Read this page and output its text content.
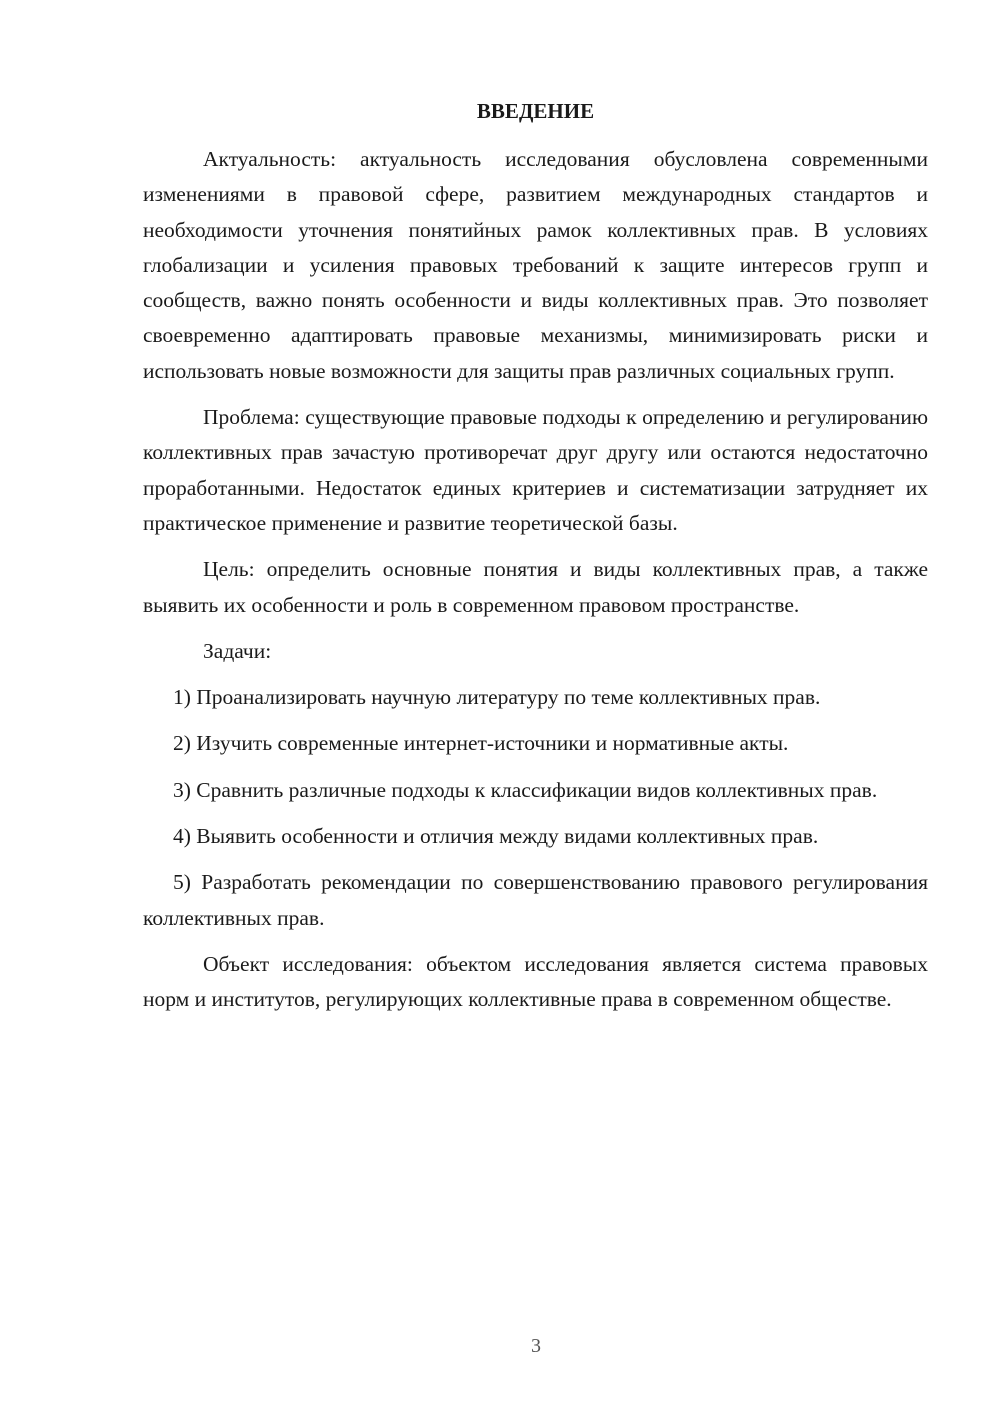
ВВЕДЕНИЕ

Актуальность: актуальность исследования обусловлена современными изменениями в правовой сфере, развитием международных стандартов и необходимости уточнения понятийных рамок коллективных прав. В условиях глобализации и усиления правовых требований к защите интересов групп и сообществ, важно понять особенности и виды коллективных прав. Это позволяет своевременно адаптировать правовые механизмы, минимизировать риски и использовать новые возможности для защиты прав различных социальных групп.

Проблема: существующие правовые подходы к определению и регулированию коллективных прав зачастую противоречат друг другу или остаются недостаточно проработанными. Недостаток единых критериев и систематизации затрудняет их практическое применение и развитие теоретической базы.

Цель: определить основные понятия и виды коллективных прав, а также выявить их особенности и роль в современном правовом пространстве.

Задачи:

1) Проанализировать научную литературу по теме коллективных прав.

2) Изучить современные интернет-источники и нормативные акты.

3) Сравнить различные подходы к классификации видов коллективных прав.

4) Выявить особенности и отличия между видами коллективных прав.

5) Разработать рекомендации по совершенствованию правового регулирования коллективных прав.

Объект исследования: объектом исследования является система правовых норм и институтов, регулирующих коллективные права в современном обществе.

3
